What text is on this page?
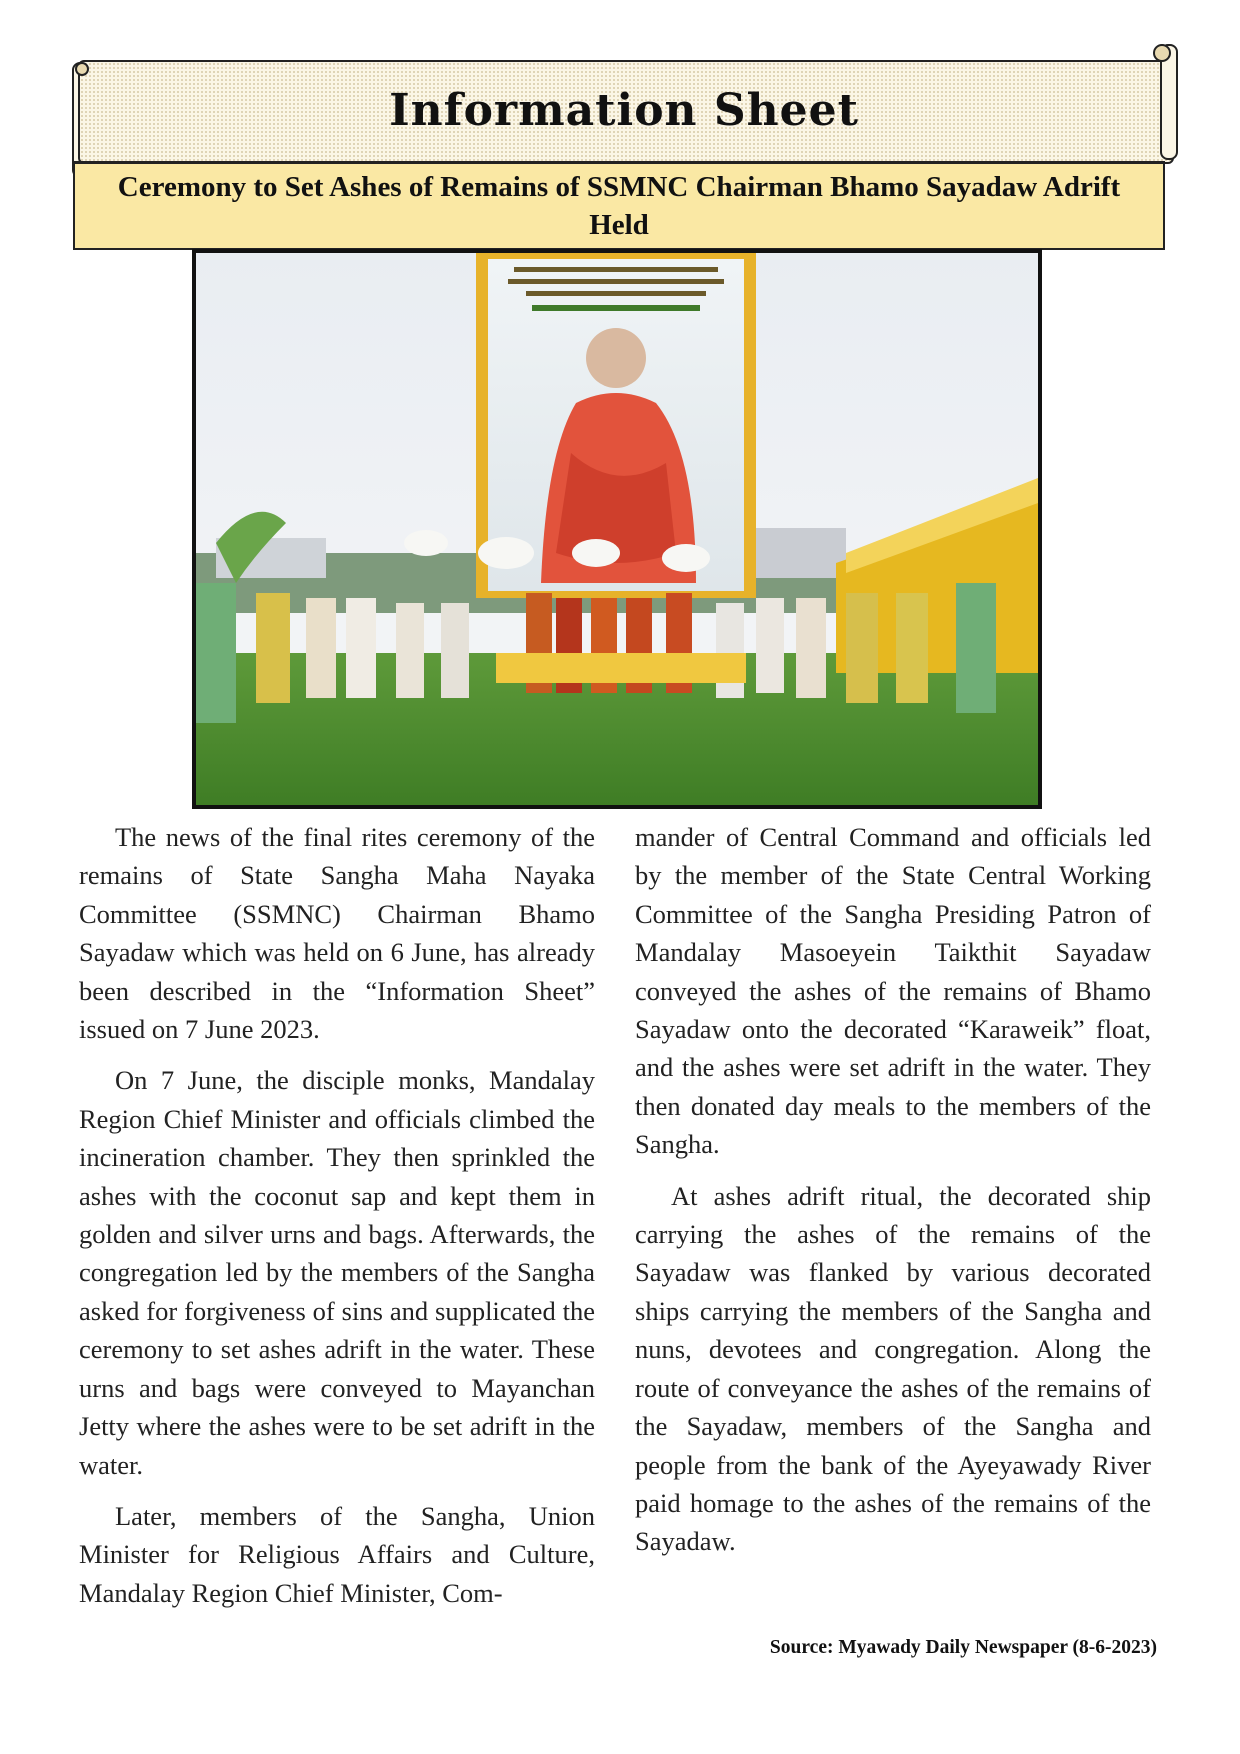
Information Sheet
Ceremony to Set Ashes of Remains of SSMNC Chairman Bhamo Sayadaw Adrift Held

The news of the final rites ceremony of the remains of State Sangha Maha Nayaka Committee (SSMNC) Chairman Bhamo Sayadaw which was held on 6 June, has already been described in the “Information Sheet” issued on 7 June 2023.

On 7 June, the disciple monks, Mandalay Region Chief Minister and officials climbed the incineration chamber. They then sprinkled the ashes with the coconut sap and kept them in golden and silver urns and bags. Afterwards, the congregation led by the members of the Sangha asked for forgiveness of sins and supplicated the ceremony to set ashes adrift in the water. These urns and bags were conveyed to Mayanchan Jetty where the ashes were to be set adrift in the water.

Later, members of the Sangha, Union Minister for Religious Affairs and Culture, Mandalay Region Chief Minister, Com-

mander of Central Command and officials led by the member of the State Central Working Committee of the Sangha Presiding Patron of Mandalay Masoeyein Taikthit Sayadaw conveyed the ashes of the remains of Bhamo Sayadaw onto the decorated “Karaweik” float, and the ashes were set adrift in the water. They then donated day meals to the members of the Sangha.

At ashes adrift ritual, the decorated ship carrying the ashes of the remains of the Sayadaw was flanked by various decorated ships carrying the members of the Sangha and nuns, devotees and congregation. Along the route of conveyance the ashes of the remains of the Sayadaw, members of the Sangha and people from the bank of the Ayeyawady River paid homage to the ashes of the remains of the Sayadaw.

Source: Myawady Daily Newspaper (8-6-2023)
